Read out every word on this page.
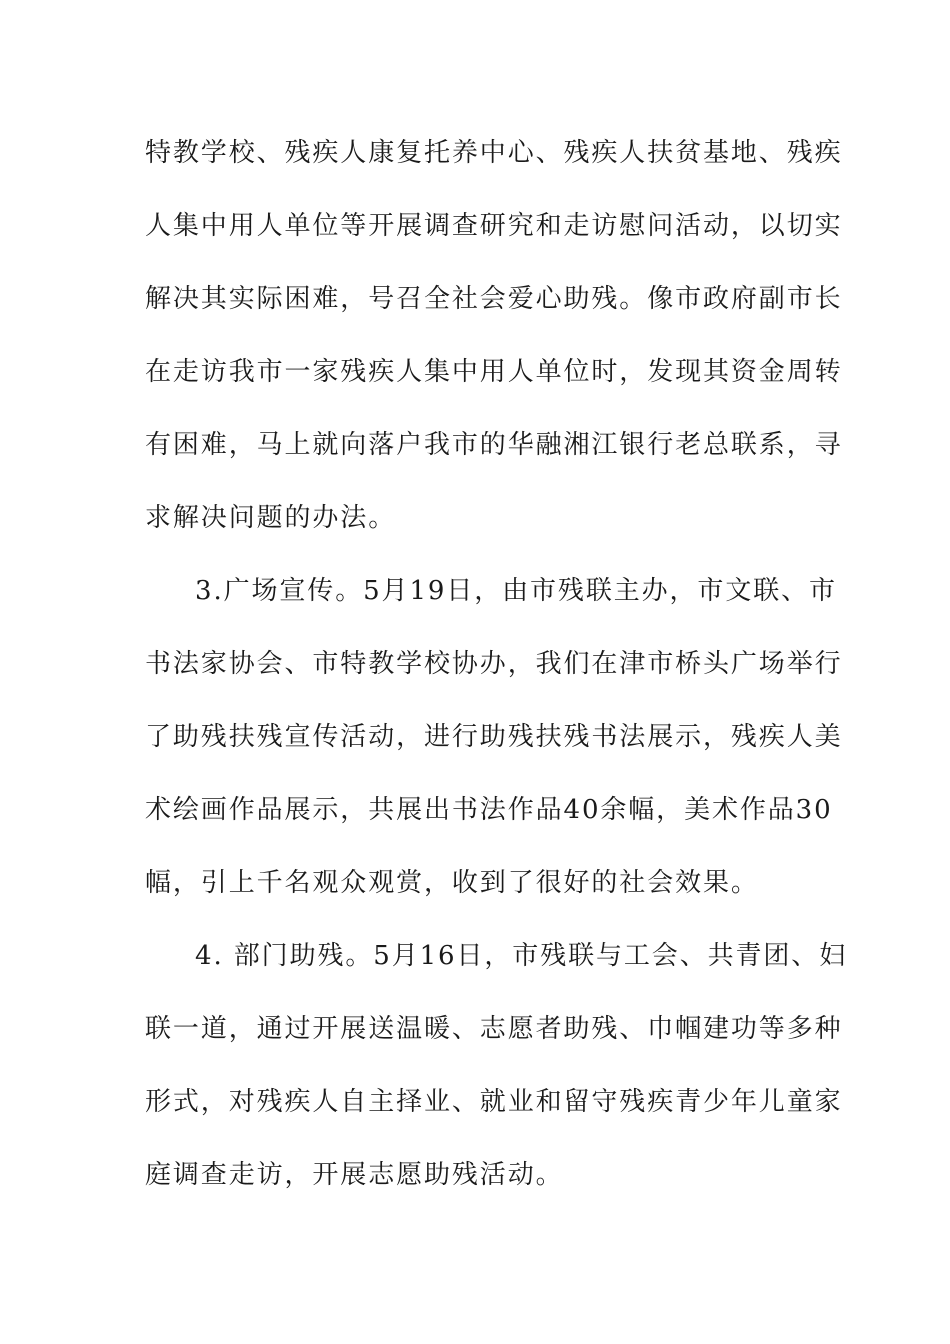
特教学校、残疾人康复托养中心、残疾人扶贫基地、残疾
人集中用人单位等开展调查研究和走访慰问活动，以切实
解决其实际困难，号召全社会爱心助残。像市政府副市长
在走访我市一家残疾人集中用人单位时，发现其资金周转
有困难，马上就向落户我市的华融湘江银行老总联系，寻
求解决问题的办法。
3.广场宣传。5月19日，由市残联主办，市文联、市
书法家协会、市特教学校协办，我们在津市桥头广场举行
了助残扶残宣传活动，进行助残扶残书法展示，残疾人美
术绘画作品展示，共展出书法作品40余幅，美术作品30
幅，引上千名观众观赏，收到了很好的社会效果。
4. 部门助残。5月16日，市残联与工会、共青团、妇
联一道，通过开展送温暖、志愿者助残、巾帼建功等多种
形式，对残疾人自主择业、就业和留守残疾青少年儿童家
庭调查走访，开展志愿助残活动。
